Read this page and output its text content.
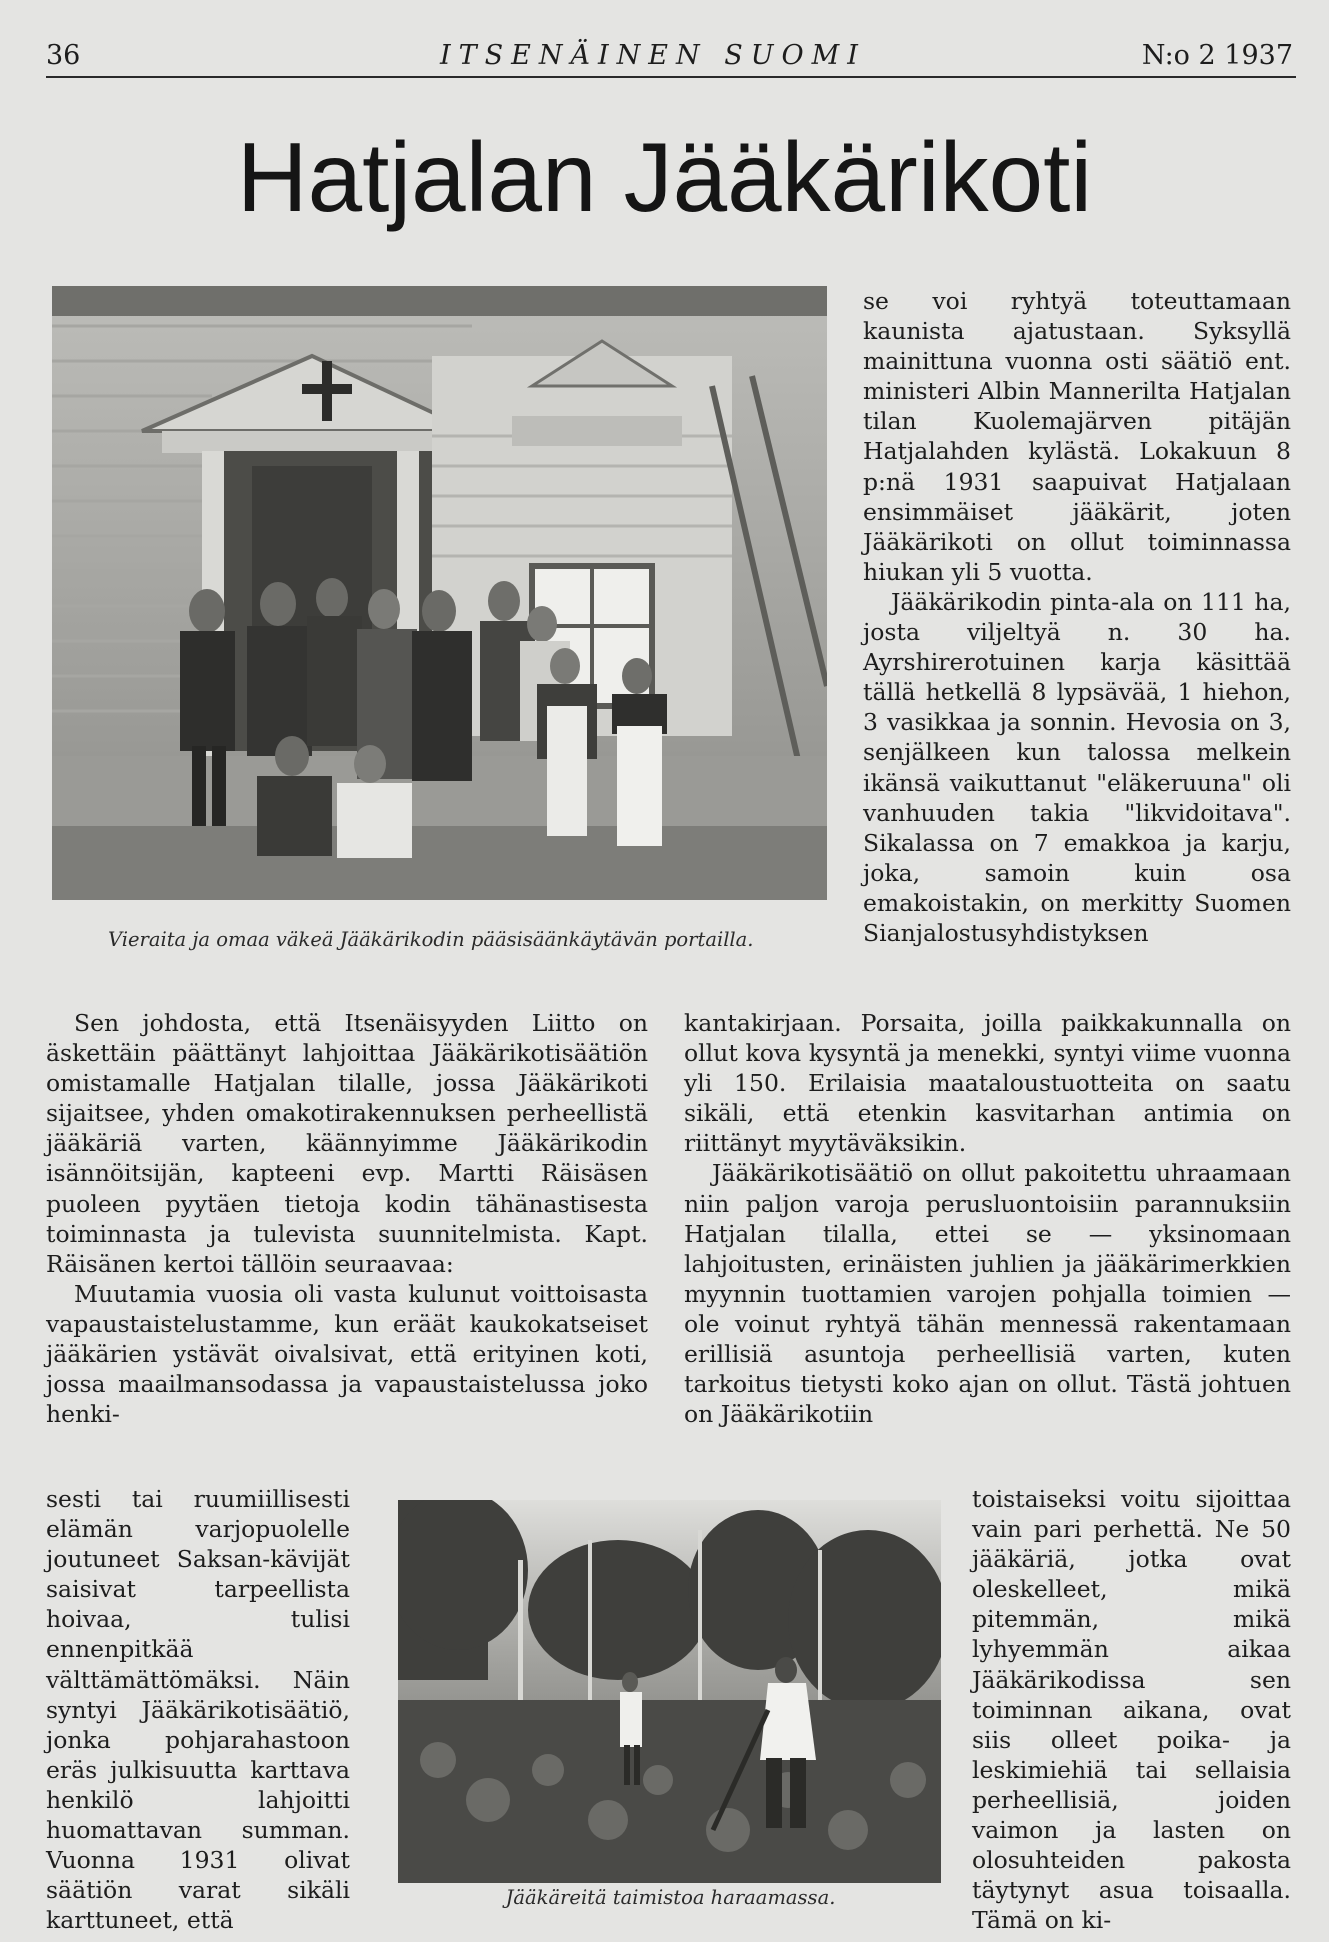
36	ITSENÄINEN SUOMI	N:o 2 1937
Hatjalan Jääkärikoti
Vieraita ja omaa väkeä Jääkärikodin pääsisäänkäytävän portailla.
Jääkäreitä taimistoa haraamassa.

se voi ryhtyä toteuttamaan kaunista ajatustaan. Syksyllä mainittuna vuonna osti säätiö ent. ministeri Albin Mannerilta Hatjalan tilan Kuolemajärven pitäjän Hatjalahden kylästä. Lokakuun 8 p:nä 1931 saapuivat Hatjalaan ensimmäiset jääkärit, joten Jääkärikoti on ollut toiminnassa hiukan yli 5 vuotta.

Jääkärikodin pinta-ala on 111 ha, josta viljeltyä n. 30 ha. Ayrshirerotuinen karja käsittää tällä hetkellä 8 lypsävää, 1 hiehon, 3 vasikkaa ja sonnin. Hevosia on 3, senjälkeen kun talossa melkein ikänsä vaikuttanut "eläkeruuna" oli vanhuuden takia "likvidoitava". Sikalassa on 7 emakkoa ja karju, joka, samoin kuin osa emakoistakin, on merkitty Suomen Sianjalostusyhdistyksen

Sen johdosta, että Itsenäisyyden Liitto on äskettäin päättänyt lahjoittaa Jääkärikotisäätiön omistamalle Hatjalan tilalle, jossa Jääkärikoti sijaitsee, yhden omakotirakennuksen perheellistä jääkäriä varten, käännyimme Jääkärikodin isännöitsijän, kapteeni evp. Martti Räisäsen puoleen pyytäen tietoja kodin tähänastisesta toiminnasta ja tulevista suunnitelmista. Kapt. Räisänen kertoi tällöin seuraavaa:

Muutamia vuosia oli vasta kulunut voittoisasta vapaustaistelustamme, kun eräät kaukokatseiset jääkärien ystävät oivalsivat, että erityinen koti, jossa maailmansodassa ja vapaustaistelussa joko henki-

kantakirjaan. Porsaita, joilla paikkakunnalla on ollut kova kysyntä ja menekki, syntyi viime vuonna yli 150. Erilaisia maataloustuotteita on saatu sikäli, että etenkin kasvitarhan antimia on riittänyt myytäväksikin.

Jääkärikotisäätiö on ollut pakoitettu uhraamaan niin paljon varoja perusluontoisiin parannuksiin Hatjalan tilalla, ettei se — yksinomaan lahjoitusten, erinäisten juhlien ja jääkärimerkkien myynnin tuottamien varojen pohjalla toimien — ole voinut ryhtyä tähän mennessä rakentamaan erillisiä asuntoja perheellisiä varten, kuten tarkoitus tietysti koko ajan on ollut. Tästä johtuen on Jääkärikotiin

sesti tai ruumiillisesti elämän varjopuolelle joutuneet Saksan-kävijät saisivat tarpeellista hoivaa, tulisi ennenpitkää välttämättömäksi. Näin syntyi Jääkärikotisäätiö, jonka pohjarahastoon eräs julkisuutta karttava henkilö lahjoitti huomattavan summan. Vuonna 1931 olivat säätiön varat sikäli karttuneet, että

toistaiseksi voitu sijoittaa vain pari perhettä. Ne 50 jääkäriä, jotka ovat oleskelleet, mikä pitemmän, mikä lyhyemmän aikaa Jääkärikodissa sen toiminnan aikana, ovat siis olleet poika- ja leskimiehiä tai sellaisia perheellisiä, joiden vaimon ja lasten on olosuhteiden pakosta täytynyt asua toisaalla. Tämä on ki-
